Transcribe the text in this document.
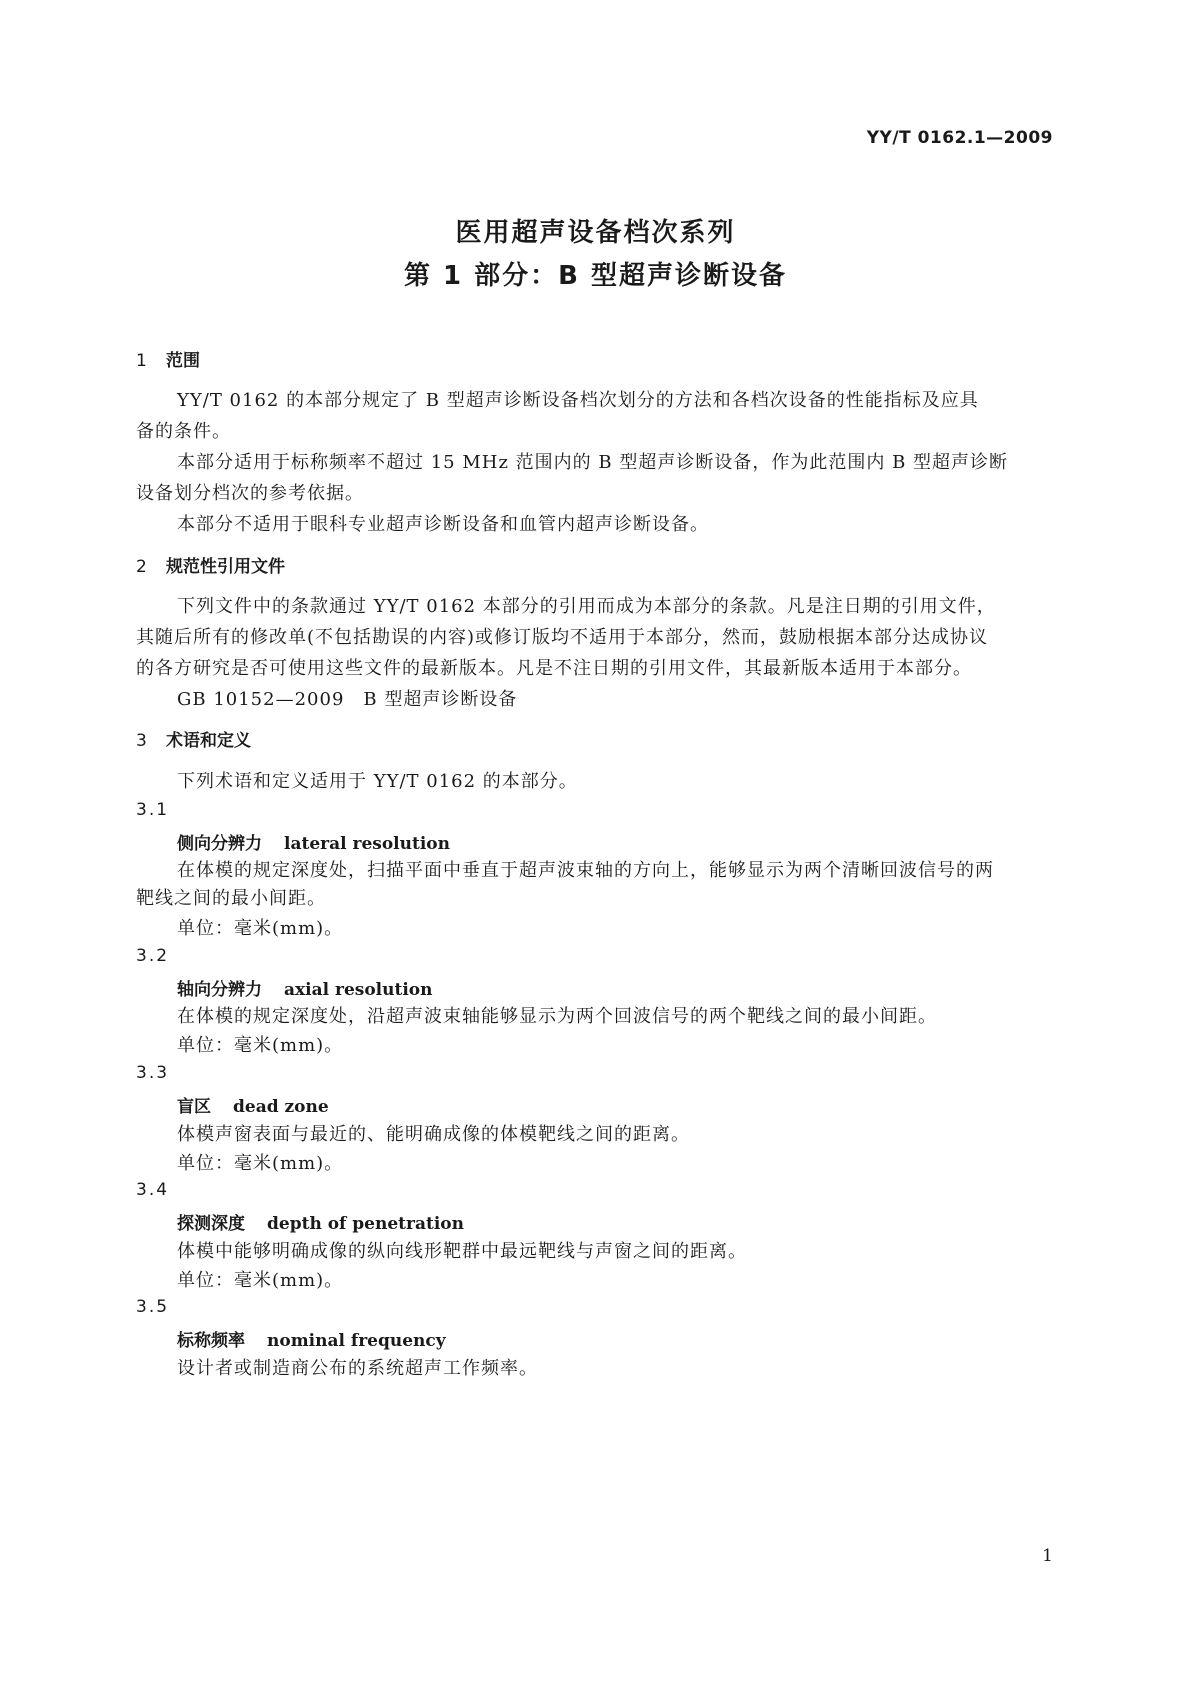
YY/T 0162.1—2009
医用超声设备档次系列
第 1 部分：B 型超声诊断设备
1 范围
YY/T 0162 的本部分规定了 B 型超声诊断设备档次划分的方法和各档次设备的性能指标及应具
备的条件。
本部分适用于标称频率不超过 15 MHz 范围内的 B 型超声诊断设备，作为此范围内 B 型超声诊断
设备划分档次的参考依据。
本部分不适用于眼科专业超声诊断设备和血管内超声诊断设备。
2 规范性引用文件
下列文件中的条款通过 YY/T 0162 本部分的引用而成为本部分的条款。凡是注日期的引用文件，
其随后所有的修改单(不包括勘误的内容)或修订版均不适用于本部分，然而，鼓励根据本部分达成协议
的各方研究是否可使用这些文件的最新版本。凡是不注日期的引用文件，其最新版本适用于本部分。
GB 10152—2009　B 型超声诊断设备
3 术语和定义
下列术语和定义适用于 YY/T 0162 的本部分。
3.1
侧向分辨力 lateral resolution
在体模的规定深度处，扫描平面中垂直于超声波束轴的方向上，能够显示为两个清晰回波信号的两
靶线之间的最小间距。
单位：毫米(mm)。
3.2
轴向分辨力 axial resolution
在体模的规定深度处，沿超声波束轴能够显示为两个回波信号的两个靶线之间的最小间距。
单位：毫米(mm)。
3.3
盲区 dead zone
体模声窗表面与最近的、能明确成像的体模靶线之间的距离。
单位：毫米(mm)。
3.4
探测深度 depth of penetration
体模中能够明确成像的纵向线形靶群中最远靶线与声窗之间的距离。
单位：毫米(mm)。
3.5
标称频率 nominal frequency
设计者或制造商公布的系统超声工作频率。
1
